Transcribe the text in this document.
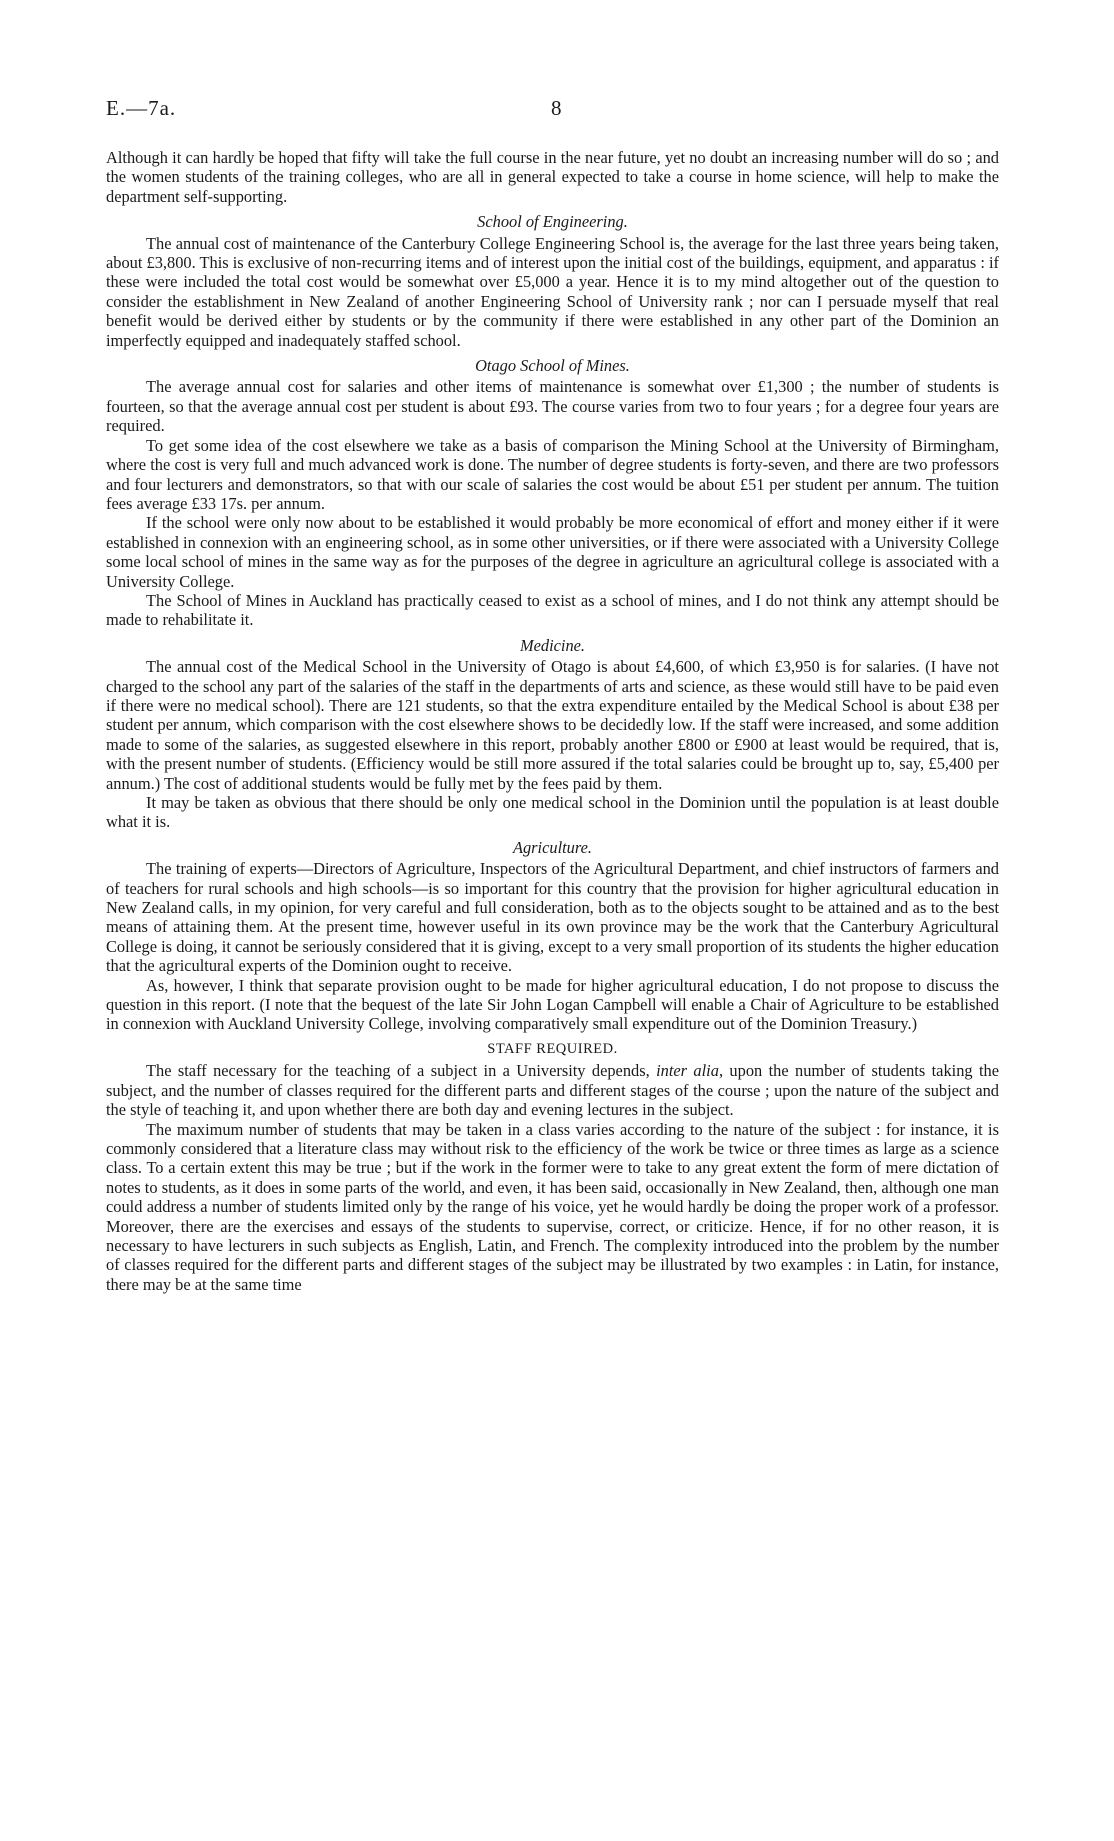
E.—7a.	8

Although it can hardly be hoped that fifty will take the full course in the near future, yet no doubt an increasing number will do so ; and the women students of the training colleges, who are all in general expected to take a course in home science, will help to make the department self-supporting.

School of Engineering.

The annual cost of maintenance of the Canterbury College Engineering School is, the average for the last three years being taken, about £3,800. This is exclusive of non-recurring items and of interest upon the initial cost of the buildings, equipment, and apparatus : if these were included the total cost would be somewhat over £5,000 a year. Hence it is to my mind altogether out of the question to consider the establishment in New Zealand of another Engineering School of University rank ; nor can I persuade myself that real benefit would be derived either by students or by the community if there were established in any other part of the Dominion an imperfectly equipped and inadequately staffed school.

Otago School of Mines.

The average annual cost for salaries and other items of maintenance is somewhat over £1,300 ; the number of students is fourteen, so that the average annual cost per student is about £93. The course varies from two to four years ; for a degree four years are required.

To get some idea of the cost elsewhere we take as a basis of comparison the Mining School at the University of Birmingham, where the cost is very full and much advanced work is done. The number of degree students is forty-seven, and there are two professors and four lecturers and demonstrators, so that with our scale of salaries the cost would be about £51 per student per annum. The tuition fees average £33 17s. per annum.

If the school were only now about to be established it would probably be more economical of effort and money either if it were established in connexion with an engineering school, as in some other universities, or if there were associated with a University College some local school of mines in the same way as for the purposes of the degree in agriculture an agricultural college is associated with a University College.

The School of Mines in Auckland has practically ceased to exist as a school of mines, and I do not think any attempt should be made to rehabilitate it.

Medicine.

The annual cost of the Medical School in the University of Otago is about £4,600, of which £3,950 is for salaries. (I have not charged to the school any part of the salaries of the staff in the departments of arts and science, as these would still have to be paid even if there were no medical school). There are 121 students, so that the extra expenditure entailed by the Medical School is about £38 per student per annum, which comparison with the cost elsewhere shows to be decidedly low. If the staff were increased, and some addition made to some of the salaries, as suggested elsewhere in this report, probably another £800 or £900 at least would be required, that is, with the present number of students. (Efficiency would be still more assured if the total salaries could be brought up to, say, £5,400 per annum.) The cost of additional students would be fully met by the fees paid by them.

It may be taken as obvious that there should be only one medical school in the Dominion until the population is at least double what it is.

Agriculture.

The training of experts—Directors of Agriculture, Inspectors of the Agricultural Department, and chief instructors of farmers and of teachers for rural schools and high schools—is so important for this country that the provision for higher agricultural education in New Zealand calls, in my opinion, for very careful and full consideration, both as to the objects sought to be attained and as to the best means of attaining them. At the present time, however useful in its own province may be the work that the Canterbury Agricultural College is doing, it cannot be seriously considered that it is giving, except to a very small proportion of its students the higher education that the agricultural experts of the Dominion ought to receive.

As, however, I think that separate provision ought to be made for higher agricultural education, I do not propose to discuss the question in this report. (I note that the bequest of the late Sir John Logan Campbell will enable a Chair of Agriculture to be established in connexion with Auckland University College, involving comparatively small expenditure out of the Dominion Treasury.)

STAFF REQUIRED.

The staff necessary for the teaching of a subject in a University depends, inter alia, upon the number of students taking the subject, and the number of classes required for the different parts and different stages of the course ; upon the nature of the subject and the style of teaching it, and upon whether there are both day and evening lectures in the subject.

The maximum number of students that may be taken in a class varies according to the nature of the subject : for instance, it is commonly considered that a literature class may without risk to the efficiency of the work be twice or three times as large as a science class. To a certain extent this may be true ; but if the work in the former were to take to any great extent the form of mere dictation of notes to students, as it does in some parts of the world, and even, it has been said, occasionally in New Zealand, then, although one man could address a number of students limited only by the range of his voice, yet he would hardly be doing the proper work of a professor. Moreover, there are the exercises and essays of the students to supervise, correct, or criticize. Hence, if for no other reason, it is necessary to have lecturers in such subjects as English, Latin, and French. The complexity introduced into the problem by the number of classes required for the different parts and different stages of the subject may be illustrated by two examples : in Latin, for instance, there may be at the same time
